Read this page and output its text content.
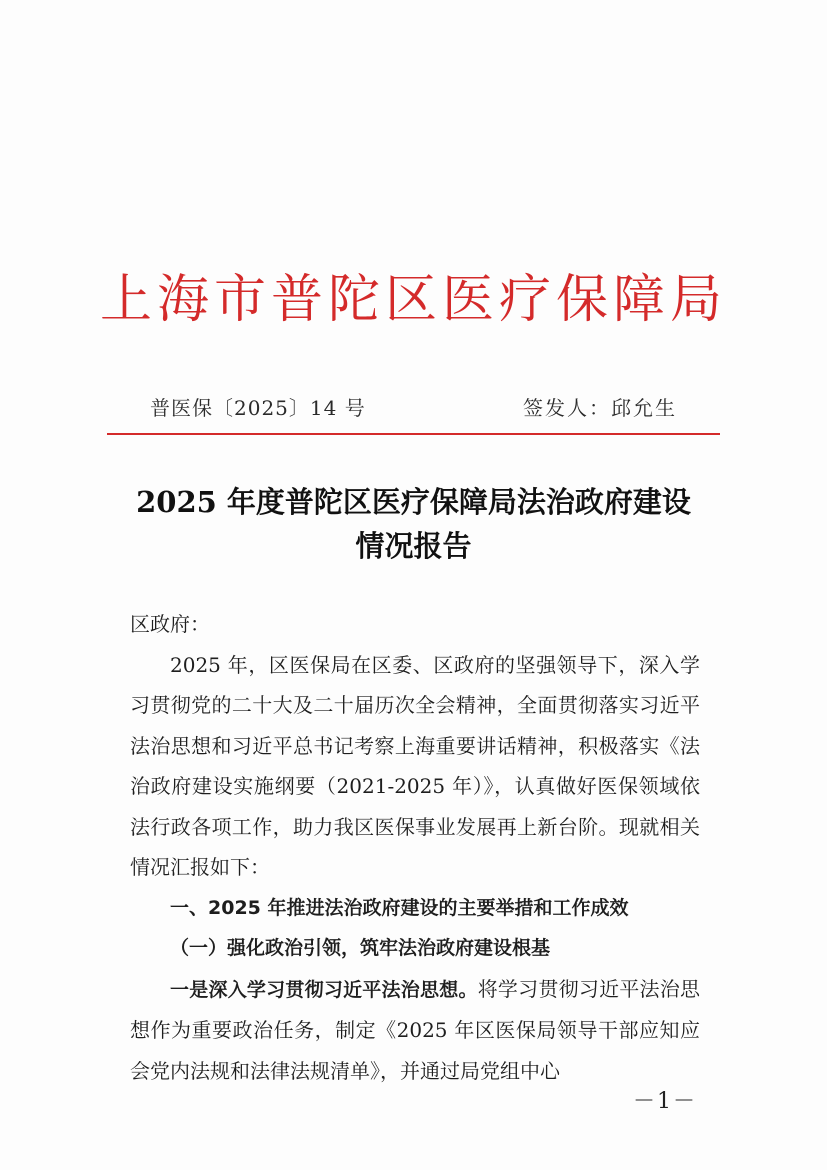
上海市普陀区医疗保障局
普医保〔2025〕14 号	签发人：邱允生
2025 年度普陀区医疗保障局法治政府建设
情况报告

区政府：

2025 年，区医保局在区委、区政府的坚强领导下，深入学习贯彻党的二十大及二十届历次全会精神，全面贯彻落实习近平法治思想和习近平总书记考察上海重要讲话精神，积极落实《法治政府建设实施纲要（2021-2025 年）》，认真做好医保领域依法行政各项工作，助力我区医保事业发展再上新台阶。现就相关情况汇报如下：

一、2025 年推进法治政府建设的主要举措和工作成效

（一）强化政治引领，筑牢法治政府建设根基

一是深入学习贯彻习近平法治思想。将学习贯彻习近平法治思想作为重要政治任务，制定《2025 年区医保局领导干部应知应会党内法规和法律法规清单》，并通过局党组中心

－1－
